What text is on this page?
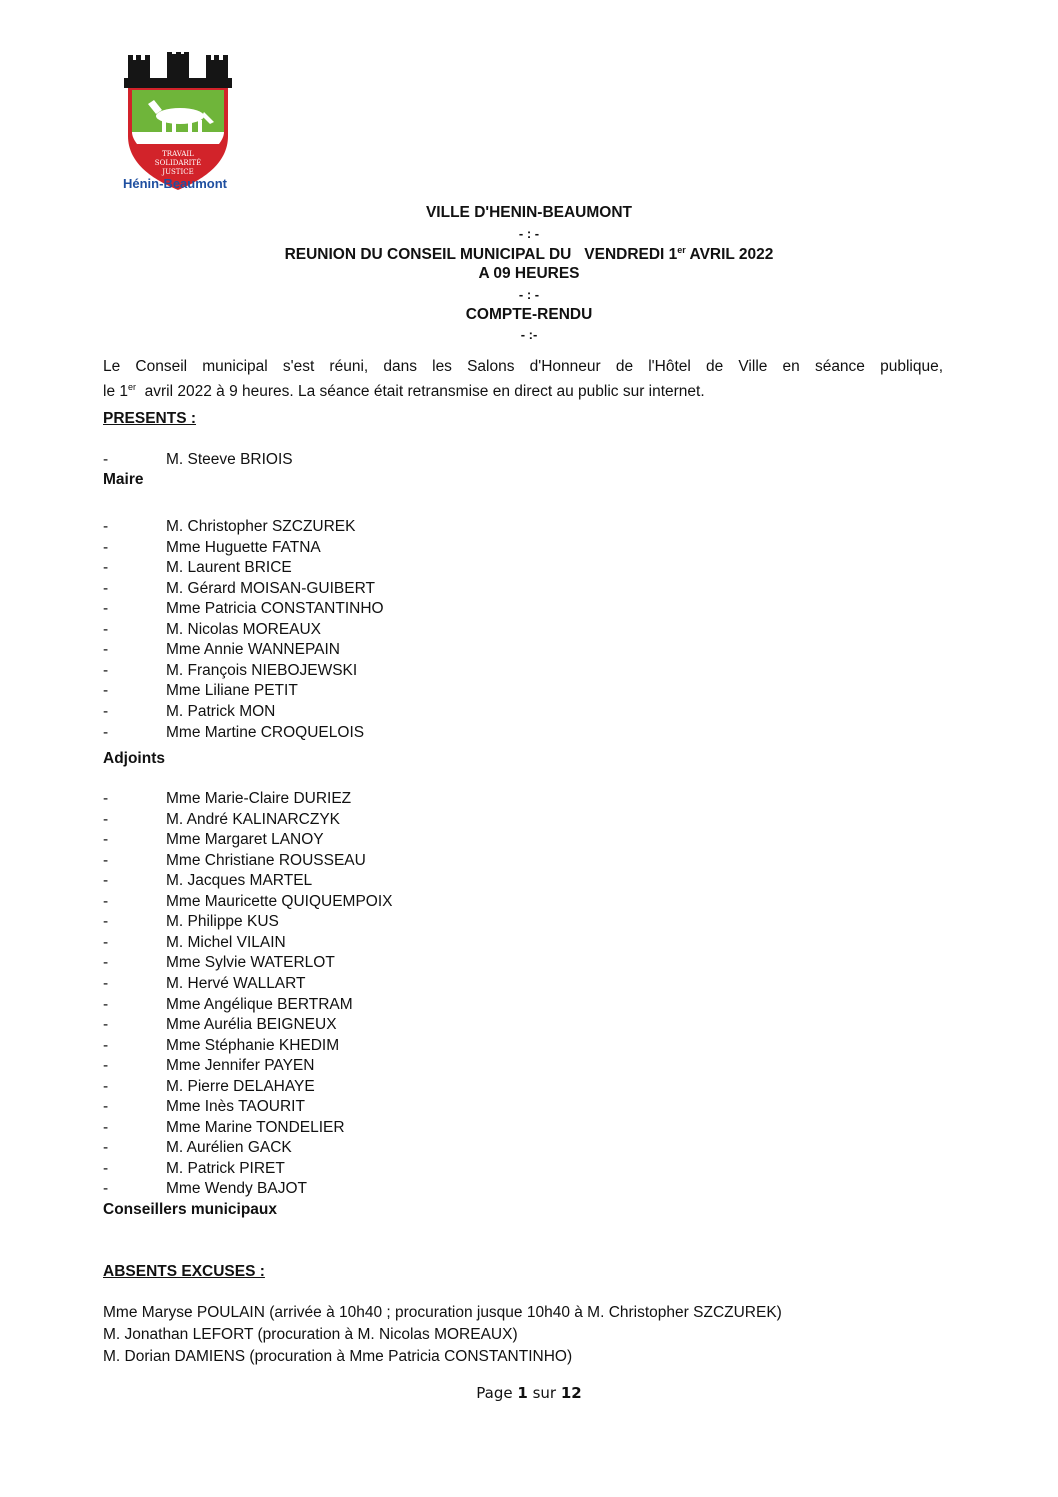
TRAVAIL
SOLIDARITÉ
JUSTICE
Hénin-Beaumont
VILLE D'HENIN-BEAUMONT
- : -
REUNION DU CONSEIL MUNICIPAL DU   VENDREDI 1er AVRIL 2022
A 09 HEURES
- : -
COMPTE-RENDU
- :-
Le Conseil municipal s'est réuni, dans les Salons d'Honneur de l'Hôtel de Ville en séance publique,
le 1er  avril 2022 à 9 heures. La séance était retransmise en direct au public sur internet.
PRESENTS :
ABSENTS EXCUSES :
Page 1 sur 12
-	M. Steeve BRIOIS
Maire
-	M. Christopher SZCZUREK
-	Mme Huguette FATNA
-	M. Laurent BRICE
-	M. Gérard MOISAN-GUIBERT
-	Mme Patricia CONSTANTINHO
-	M. Nicolas MOREAUX
-	Mme Annie WANNEPAIN
-	M. François NIEBOJEWSKI
-	Mme Liliane PETIT
-	M. Patrick MON
-	Mme Martine CROQUELOIS
Adjoints
-	Mme Marie-Claire DURIEZ
-	M. André KALINARCZYK
-	Mme Margaret LANOY
-	Mme Christiane ROUSSEAU
-	M. Jacques MARTEL
-	Mme Mauricette QUIQUEMPOIX
-	M. Philippe KUS
-	M. Michel VILAIN
-	Mme Sylvie WATERLOT
-	M. Hervé WALLART
-	Mme Angélique BERTRAM
-	Mme Aurélia BEIGNEUX
-	Mme Stéphanie KHEDIM
-	Mme Jennifer PAYEN
-	M. Pierre DELAHAYE
-	Mme Inès TAOURIT
-	Mme Marine TONDELIER
-	M. Aurélien GACK
-	M. Patrick PIRET
-	Mme Wendy BAJOT
Conseillers municipaux
Mme Maryse POULAIN (arrivée à 10h40 ; procuration jusque 10h40 à M. Christopher SZCZUREK)
M. Jonathan LEFORT (procuration à M. Nicolas MOREAUX)
M. Dorian DAMIENS (procuration à Mme Patricia CONSTANTINHO)
